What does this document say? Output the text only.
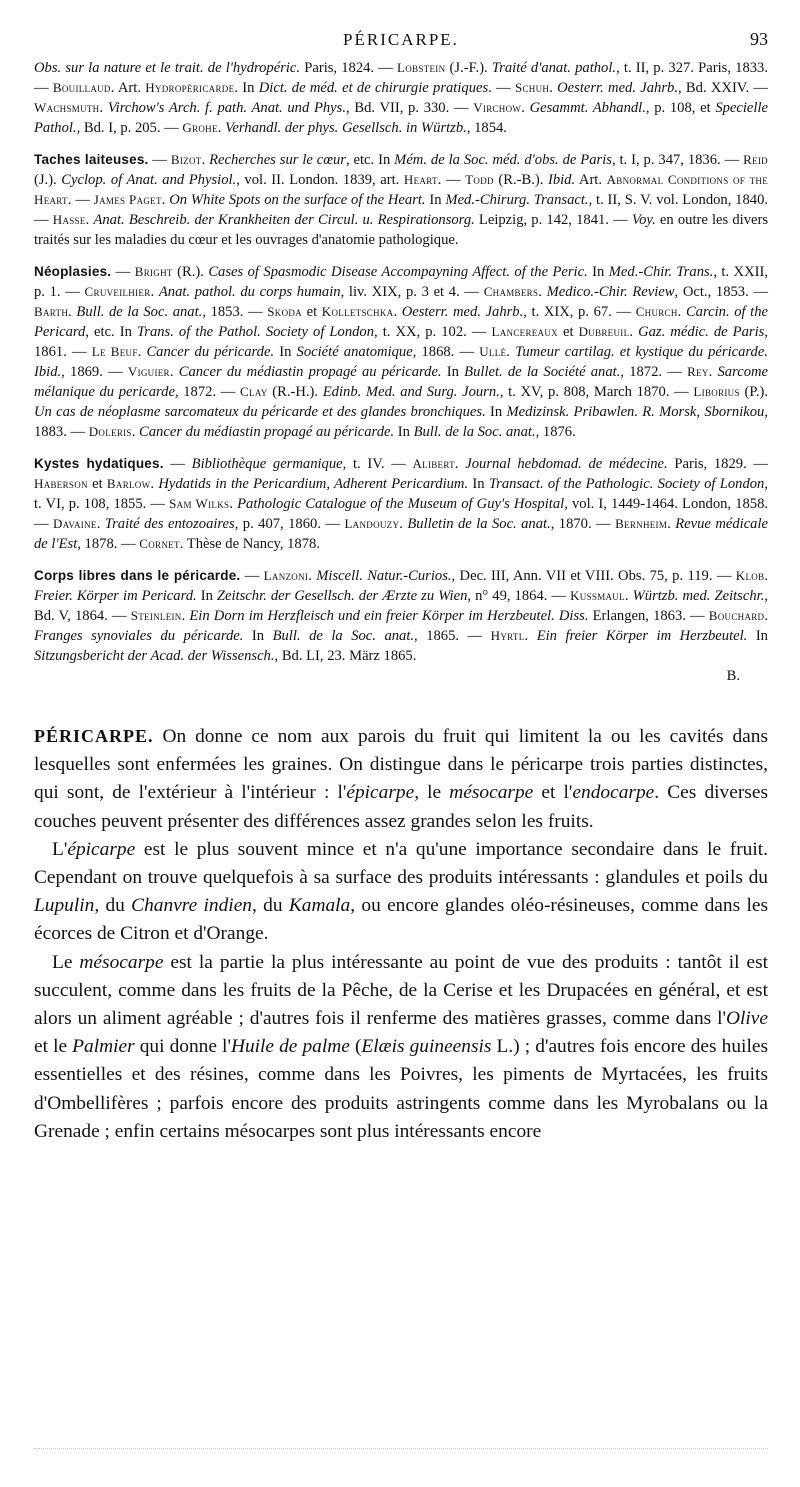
PÉRICARPE.	93

Obs. sur la nature et le trait. de l'hydropéric. Paris, 1824. — Lobstein (J.-F.). Traité d'anat. pathol., t. II, p. 327. Paris, 1833. — Bouillaud. Art. Hydropéricarde. In Dict. de méd. et de chirurgie pratiques. — Schuh. Oesterr. med. Jahrb., Bd. XXIV. — Wachsmuth. Virchow's Arch. f. path. Anat. und Phys., Bd. VII, p. 330. — Virchow. Gesammt. Abhandl., p. 108, et Specielle Pathol., Bd. I, p. 205. — Grohe. Verhandl. der phys. Gesellsch. in Würtzb., 1854.

Taches laiteuses. — Bizot. Recherches sur le cœur, etc. In Mém. de la Soc. méd. d'obs. de Paris, t. I, p. 347, 1836. — Reid (J.). Cyclop. of Anat. and Physiol., vol. II. London. 1839, art. Heart. — Todd (R.-B.). Ibid. Art. Abnormal Conditions of the Heart. — James Paget. On White Spots on the surface of the Heart. In Med.-Chirurg. Transact., t. II, S. V. vol. London, 1840. — Hasse. Anat. Beschreib. der Krankheiten der Circul. u. Respirationsorg. Leipzig, p. 142, 1841. — Voy. en outre les divers traités sur les maladies du cœur et les ouvrages d'anatomie pathologique.

Néoplasies. — Bright (R.). Cases of Spasmodic Disease Accompayning Affect. of the Peric. In Med.-Chir. Trans., t. XXII, p. 1. — Cruveilhier. Anat. pathol. du corps humain, liv. XIX, p. 3 et 4. — Chambers. Medico.-Chir. Review, Oct., 1853. — Barth. Bull. de la Soc. anat., 1853. — Skoda et Kolletschka. Oesterr. med. Jahrb., t. XIX, p. 67. — Church. Carcin. of the Pericard, etc. In Trans. of the Pathol. Society of London, t. XX, p. 102. — Lancereaux et Dubreuil. Gaz. médic. de Paris, 1861. — Le Beuf. Cancer du péricarde. In Société anatomique, 1868. — Ullé. Tumeur cartilag. et kystique du péricarde. Ibid., 1869. — Viguier. Cancer du médiastin propagé au péricarde. In Bullet. de la Société anat., 1872. — Rey. Sarcome mélanique du pericarde, 1872. — Clay (R.-H.). Edinb. Med. and Surg. Journ., t. XV, p. 808, March 1870. — Liborius (P.). Un cas de néoplasme sarcomateux du péricarde et des glandes bronchiques. In Medizinsk. Pribawlen. R. Morsk, Sbornikou, 1883. — Doleris. Cancer du médiastin propagé au péricarde. In Bull. de la Soc. anat., 1876.

Kystes hydatiques. — Bibliothèque germanique, t. IV. — Alibert. Journal hebdomad. de médecine. Paris, 1829. — Haberson et Barlow. Hydatids in the Pericardium, Adherent Pericardium. In Transact. of the Pathologic. Society of London, t. VI, p. 108, 1855. — Sam Wilks. Pathologic Catalogue of the Museum of Guy's Hospital, vol. I, 1449-1464. London, 1858. — Davaine. Traité des entozoaires, p. 407, 1860. — Landouzy. Bulletin de la Soc. anat., 1870. — Bernheim. Revue médicale de l'Est, 1878. — Cornet. Thèse de Nancy, 1878.

Corps libres dans le péricarde. — Lanzoni. Miscell. Natur.-Curios., Dec. III, Ann. VII et VIII. Obs. 75, p. 119. — Klob. Freier. Körper im Pericard. In Zeitschr. der Gesellsch. der Ærzte zu Wien, n° 49, 1864. — Kussmaul. Würtzb. med. Zeitschr., Bd. V, 1864. — Steinlein. Ein Dorn im Herzfleisch und ein freier Körper im Herzbeutel. Diss. Erlangen, 1863. — Bouchard. Franges synoviales du péricarde. In Bull. de la Soc. anat., 1865. — Hyrtl. Ein freier Körper im Herzbeutel. In Sitzungsbericht der Acad. der Wissensch., Bd. LI, 23. März 1865.
B.

PÉRICARPE. On donne ce nom aux parois du fruit qui limitent la ou les cavités dans lesquelles sont enfermées les graines. On distingue dans le péricarpe trois parties distinctes, qui sont, de l'extérieur à l'intérieur : l'épicarpe, le mésocarpe et l'endocarpe. Ces diverses couches peuvent présenter des différences assez grandes selon les fruits.

L'épicarpe est le plus souvent mince et n'a qu'une importance secondaire dans le fruit. Cependant on trouve quelquefois à sa surface des produits intéressants : glandules et poils du Lupulin, du Chanvre indien, du Kamala, ou encore glandes oléo-résineuses, comme dans les écorces de Citron et d'Orange.

Le mésocarpe est la partie la plus intéressante au point de vue des produits : tantôt il est succulent, comme dans les fruits de la Pêche, de la Cerise et les Drupacées en général, et est alors un aliment agréable ; d'autres fois il renferme des matières grasses, comme dans l'Olive et le Palmier qui donne l'Huile de palme (Elæis guineensis L.) ; d'autres fois encore des huiles essentielles et des résines, comme dans les Poivres, les piments de Myrtacées, les fruits d'Ombellifères ; parfois encore des produits astringents comme dans les Myrobalans ou la Grenade ; enfin certains mésocarpes sont plus intéressants encore
